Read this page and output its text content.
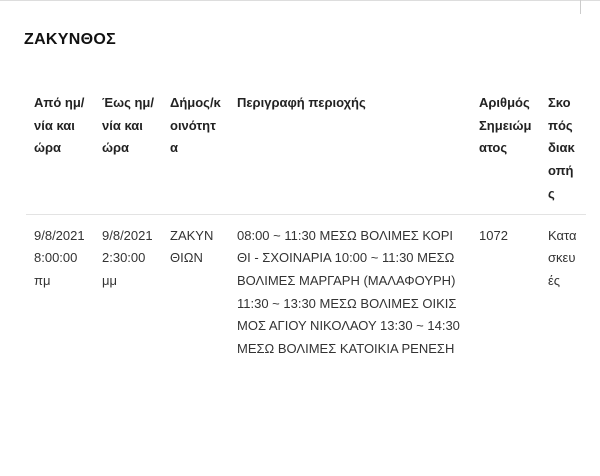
ΖΑΚΥΝΘΟΣ
Από ημ/νία και ώρα	Έως ημ/νία και ώρα	Δήμος/κοινότητα	Περιγραφή περιοχής	Αριθμός Σημειώματος	Σκοπός διακοπής
9/8/2021 8:00:00 πμ	9/8/2021 2:30:00 μμ	ΖΑΚΥΝΘΙΩΝ	08:00 ~ 11:30 ΜΕΣΩ ΒΟΛΙΜΕΣ ΚΟΡΙΘΙ - ΣΧΟΙΝΑΡΙΑ 10:00 ~ 11:30 ΜΕΣΩ ΒΟΛΙΜΕΣ ΜΑΡΓΑΡΗ (ΜΑΛΑΦΟΥΡΗ) 11:30 ~ 13:30 ΜΕΣΩ ΒΟΛΙΜΕΣ ΟΙΚΙΣΜΟΣ ΑΓΙΟΥ ΝΙΚΟΛΑΟΥ 13:30 ~ 14:30 ΜΕΣΩ ΒΟΛΙΜΕΣ ΚΑΤΟΙΚΙΑ ΡΕΝΕΣΗ	1072	Κατασκευές
